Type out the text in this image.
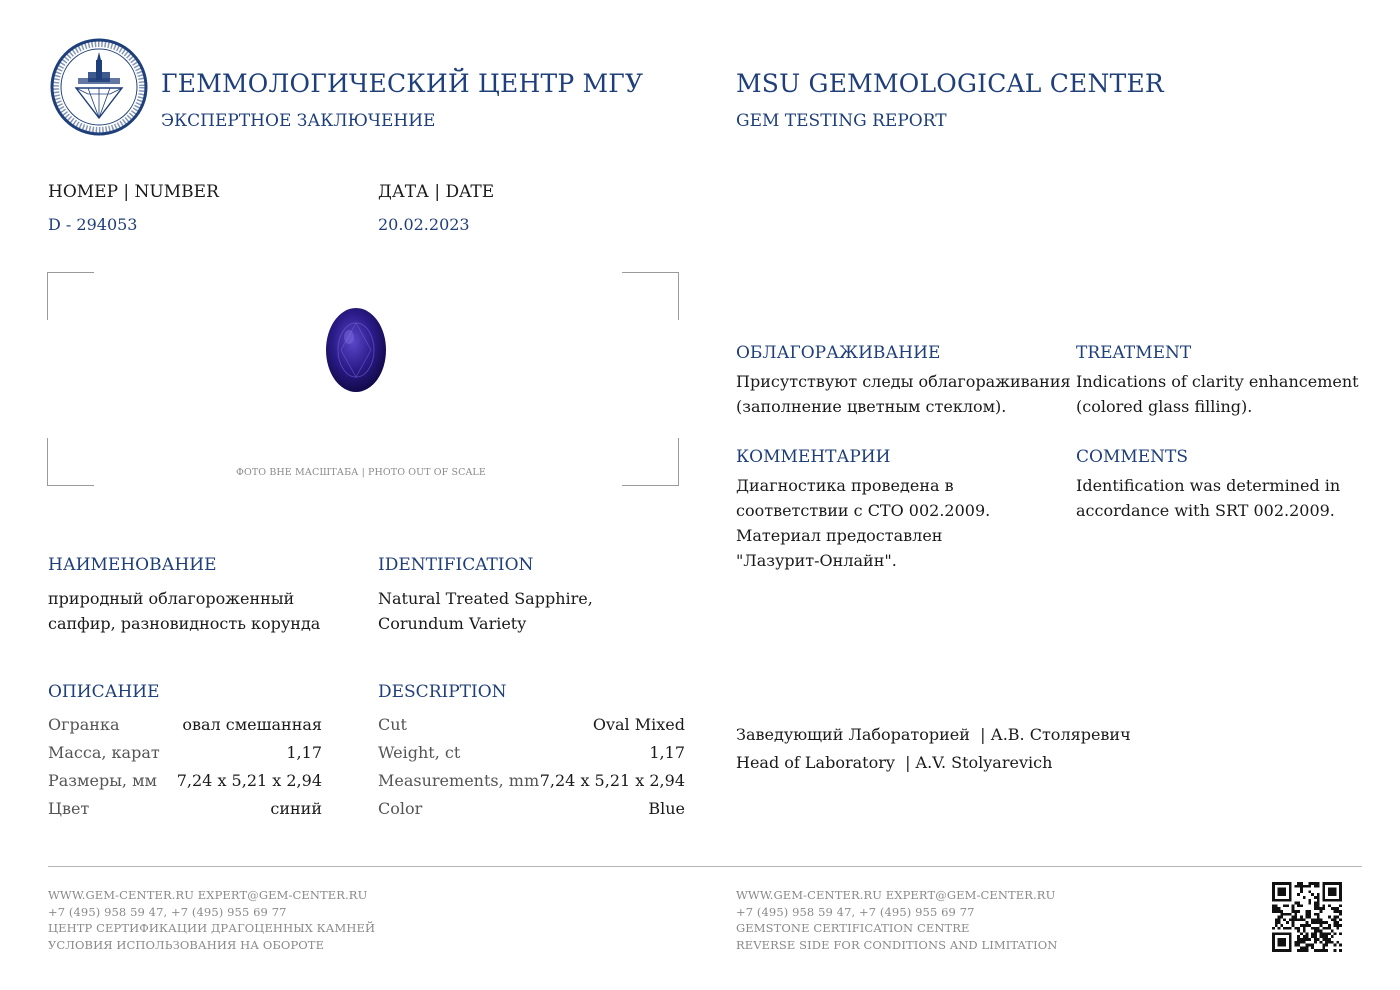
ГЕММОЛОГИЧЕСКИЙ ЦЕНТР МГУ
ЭКСПЕРТНОЕ ЗАКЛЮЧЕНИЕ
MSU GEMMOLOGICAL CENTER
GEM TESTING REPORT
НОМЕР | NUMBER
D - 294053
ДАТА | DATE
20.02.2023
ФОТО ВНЕ МАСШТАБА | PHOTO OUT OF SCALE
НАИМЕНОВАНИЕ
природный облагороженный
сапфир, разновидность корунда
IDENTIFICATION
Natural Treated Sapphire,
Corundum Variety
ОПИСАНИЕ	DESCRIPTION
Огранка	овал смешанная
Масса, карат	1,17
Размеры, мм 7,24 x 5,21 x 2,94
Цвет	синий
Cut	Oval Mixed
Weight, ct	1,17
Measurements, mm 7,24 x 5,21 x 2,94
Color	Blue
ОБЛАГОРАЖИВАНИЕ
Присутствуют следы облагораживания
(заполнение цветным стеклом).
TREATMENT
Indications of clarity enhancement
(colored glass filling).
КОММЕНТАРИИ
Диагностика проведена в
соответствии с СТО 002.2009.
Материал предоставлен
"Лазурит-Онлайн".
COMMENTS
Identification was determined in
accordance with SRT 002.2009.
Заведующий Лабораторией  | А.В. Столяревич
Head of Laboratory  | A.V. Stolyarevich
WWW.GEM-CENTER.RU EXPERT@GEM-CENTER.RU
+7 (495) 958 59 47, +7 (495) 955 69 77
ЦЕНТР СЕРТИФИКАЦИИ ДРАГОЦЕННЫХ КАМНЕЙ
УСЛОВИЯ ИСПОЛЬЗОВАНИЯ НА ОБОРОТЕ
WWW.GEM-CENTER.RU EXPERT@GEM-CENTER.RU
+7 (495) 958 59 47, +7 (495) 955 69 77
GEMSTONE CERTIFICATION CENTRE
REVERSE SIDE FOR CONDITIONS AND LIMITATION
